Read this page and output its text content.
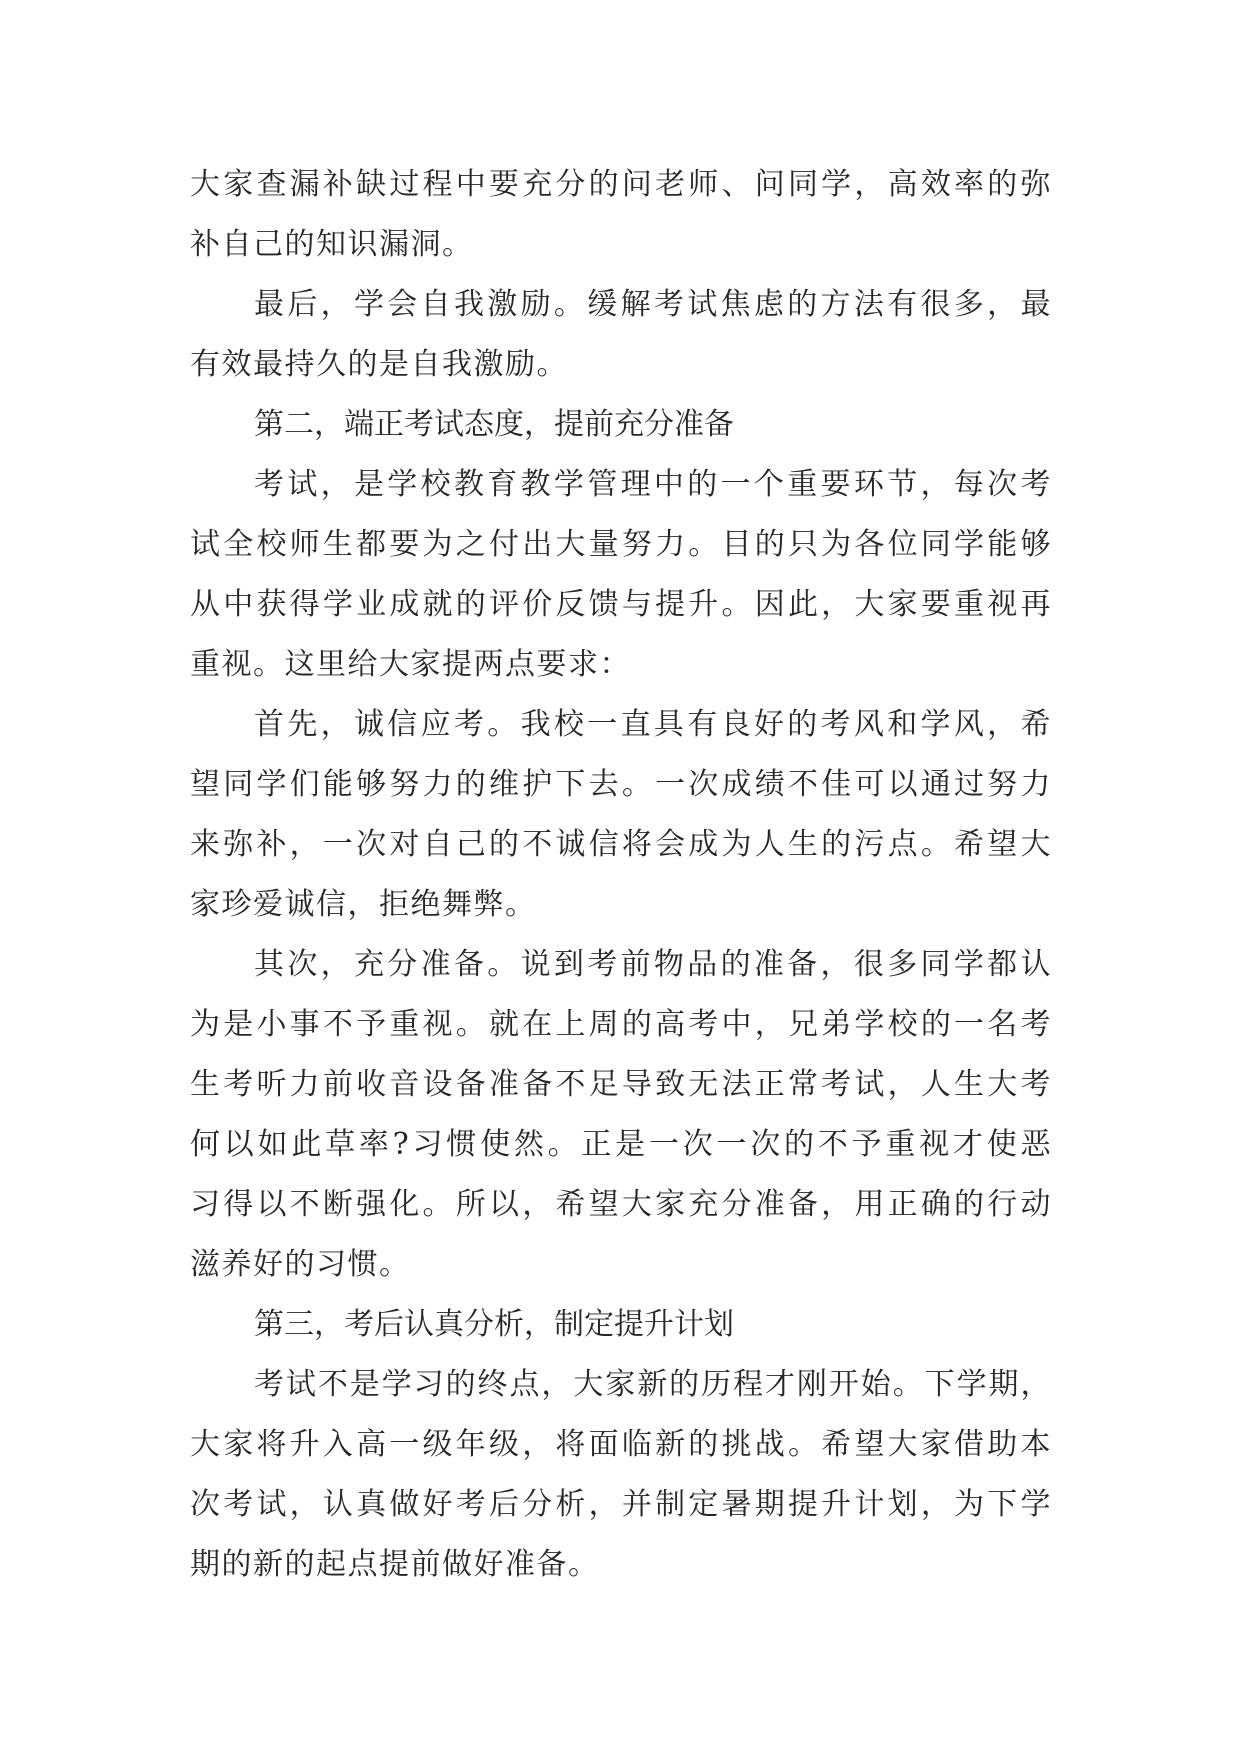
大家查漏补缺过程中要充分的问老师、问同学，高效率的弥
补自己的知识漏洞。
最后，学会自我激励。缓解考试焦虑的方法有很多，最
有效最持久的是自我激励。
第二，端正考试态度，提前充分准备
考试，是学校教育教学管理中的一个重要环节，每次考
试全校师生都要为之付出大量努力。目的只为各位同学能够
从中获得学业成就的评价反馈与提升。因此，大家要重视再
重视。这里给大家提两点要求：
首先，诚信应考。我校一直具有良好的考风和学风，希
望同学们能够努力的维护下去。一次成绩不佳可以通过努力
来弥补，一次对自己的不诚信将会成为人生的污点。希望大
家珍爱诚信，拒绝舞弊。
其次，充分准备。说到考前物品的准备，很多同学都认
为是小事不予重视。就在上周的高考中，兄弟学校的一名考
生考听力前收音设备准备不足导致无法正常考试，人生大考
何以如此草率?习惯使然。正是一次一次的不予重视才使恶
习得以不断强化。所以，希望大家充分准备，用正确的行动
滋养好的习惯。
第三，考后认真分析，制定提升计划
考试不是学习的终点，大家新的历程才刚开始。下学期，
大家将升入高一级年级，将面临新的挑战。希望大家借助本
次考试，认真做好考后分析，并制定暑期提升计划，为下学
期的新的起点提前做好准备。
